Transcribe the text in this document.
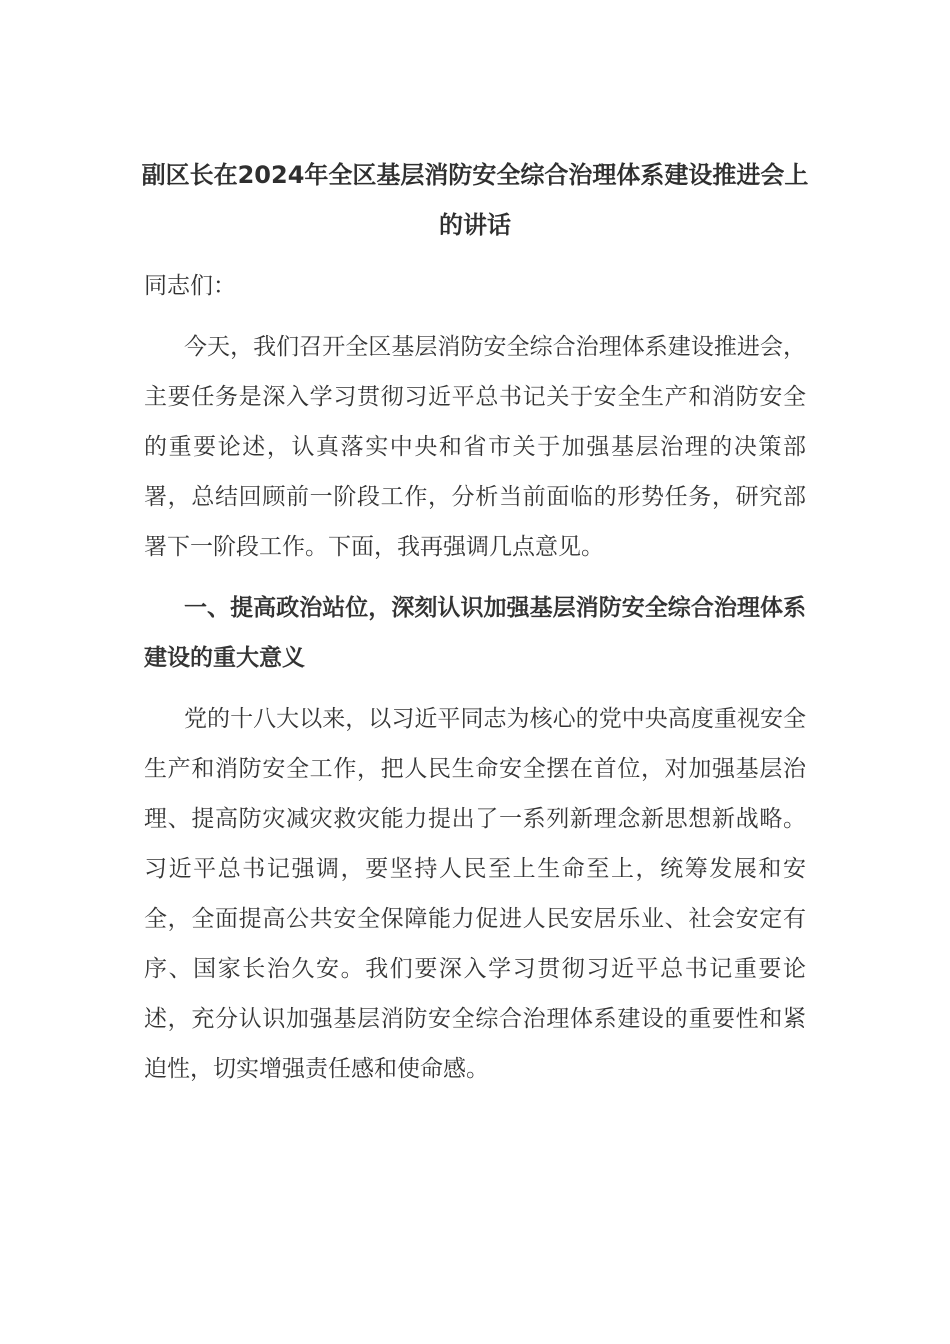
副区长在2024年全区基层消防安全综合治理体系建设推进会上的讲话
同志们：

今天，我们召开全区基层消防安全综合治理体系建设推进会，主要任务是深入学习贯彻习近平总书记关于安全生产和消防安全的重要论述，认真落实中央和省市关于加强基层治理的决策部署，总结回顾前一阶段工作，分析当前面临的形势任务，研究部署下一阶段工作。下面，我再强调几点意见。

一、提高政治站位，深刻认识加强基层消防安全综合治理体系建设的重大意义

党的十八大以来，以习近平同志为核心的党中央高度重视安全生产和消防安全工作，把人民生命安全摆在首位，对加强基层治理、提高防灾减灾救灾能力提出了一系列新理念新思想新战略。习近平总书记强调，要坚持人民至上生命至上，统筹发展和安全，全面提高公共安全保障能力促进人民安居乐业、社会安定有序、国家长治久安。我们要深入学习贯彻习近平总书记重要论述，充分认识加强基层消防安全综合治理体系建设的重要性和紧迫性，切实增强责任感和使命感。
